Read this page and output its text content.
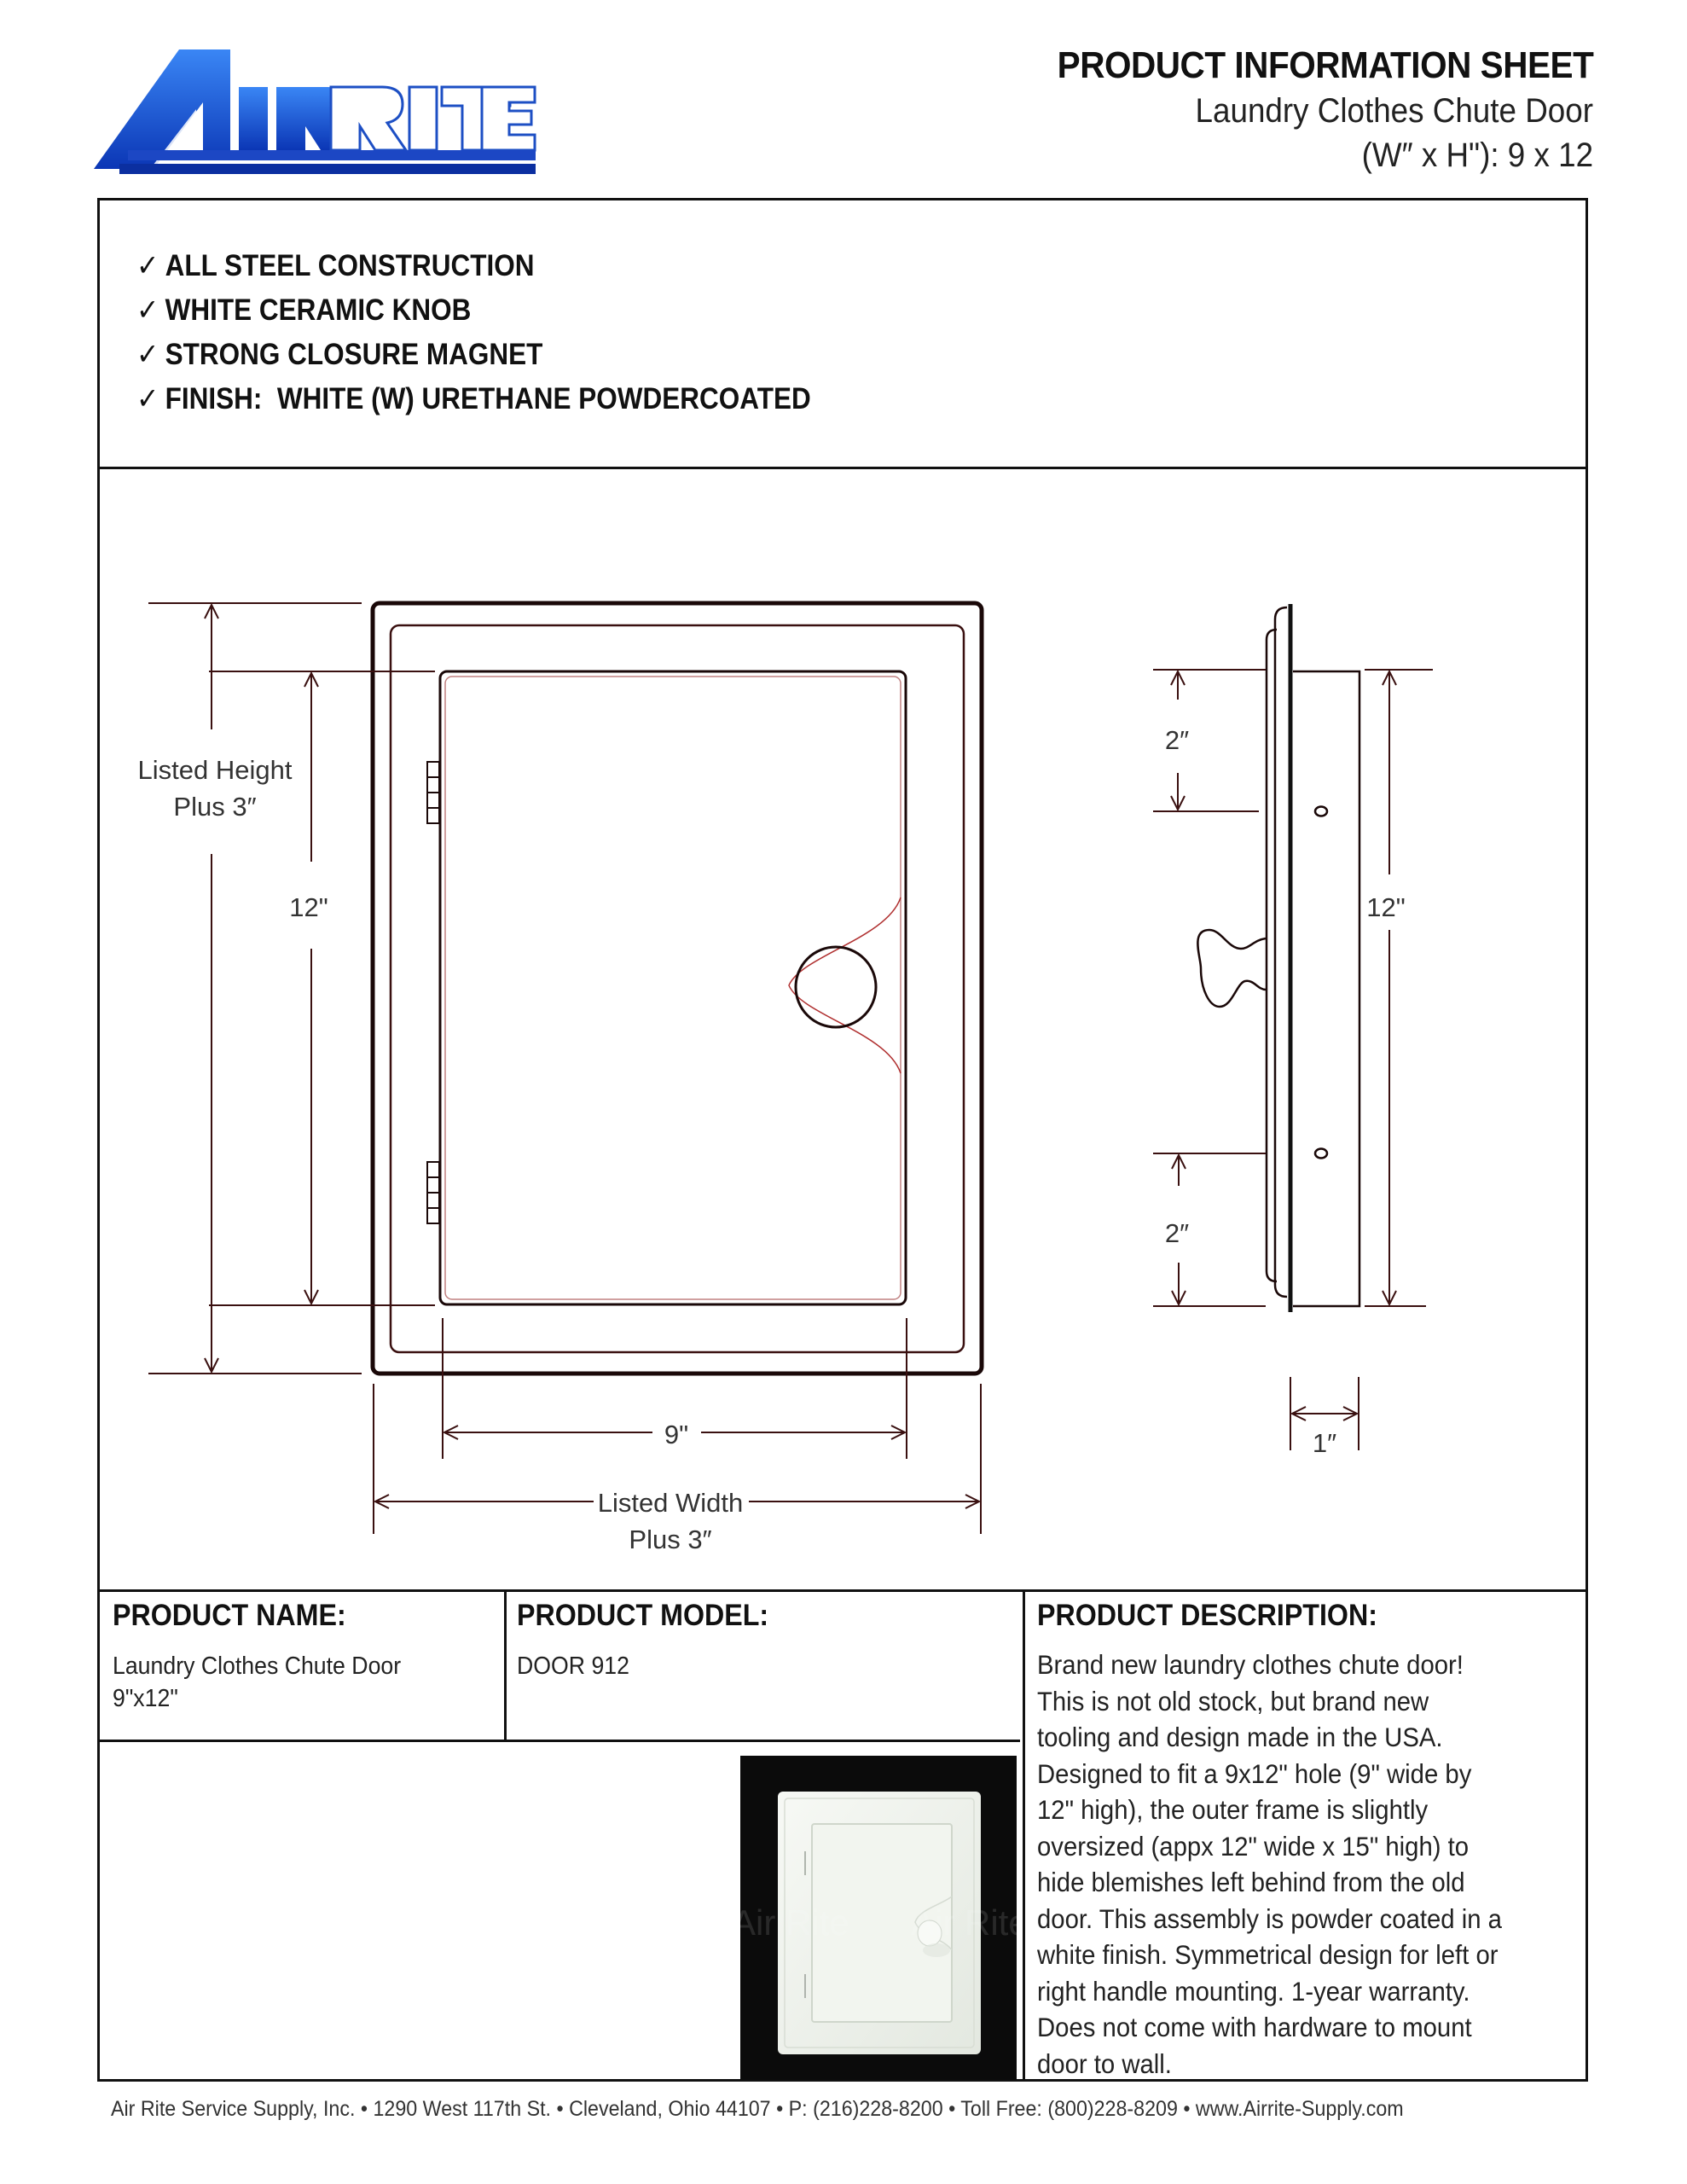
PRODUCT INFORMATION SHEET
Laundry Clothes Chute Door
(W″ x H"): 9 x 12
✓ ALL STEEL CONSTRUCTION
✓ WHITE CERAMIC KNOB
✓ STRONG CLOSURE MAGNET
✓ FINISH:  WHITE (W) URETHANE POWDERCOATED
Listed Height
Plus 3″
12"
9"
Listed Width
Plus 3″
2″
2″
12"
1″
PRODUCT NAME:
Laundry Clothes Chute Door
9"x12"
PRODUCT MODEL:
DOOR 912
PRODUCT DESCRIPTION:
Brand new laundry clothes chute door!
This is not old stock, but brand new
tooling and design made in the USA.
Designed to fit a 9x12" hole (9" wide by
12" high), the outer frame is slightly
oversized (appx 12" wide x 15" high) to
hide blemishes left behind from the old
door. This assembly is powder coated in a
white finish. Symmetrical design for left or
right handle mounting. 1-year warranty.
Does not come with hardware to mount
door to wall.
Air Rite Air Rite
Air Rite Service Supply, Inc. • 1290 West 117th St. • Cleveland, Ohio 44107 • P: (216)228-8200 • Toll Free: (800)228-8209 • www.Airrite-Supply.com
